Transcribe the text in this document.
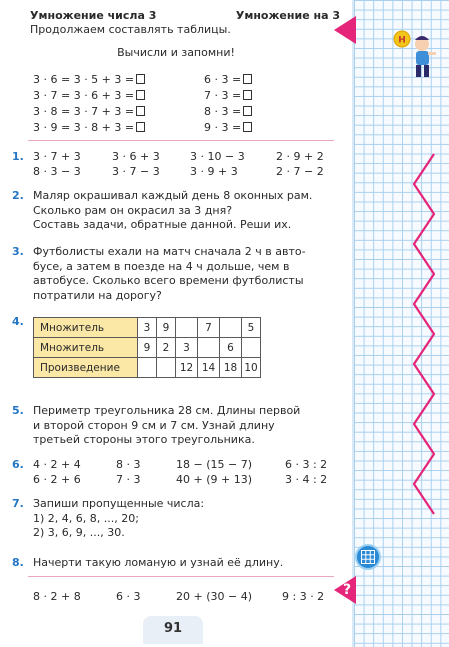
Н
Умножение числа 3	Умножение на 3
Продолжаем составлять таблицы.
Вычисли и запомни!
3 · 6 = 3 · 5 + 3 =
3 · 7 = 3 · 6 + 3 =
3 · 8 = 3 · 7 + 3 =
3 · 9 = 3 · 8 + 3 =
6 · 3 =
7 · 3 =
8 · 3 =
9 · 3 =
1. 3 · 7 + 3	3 · 6 + 3	3 · 10 − 3	2 · 9 + 2
8 · 3 − 3	3 · 7 − 3	3 · 9 + 3	2 · 7 − 2
2. Маляр окрашивал каждый день 8 оконных рам.
Сколько рам он окрасил за 3 дня?
Составь задачи, обратные данной. Реши их.
3. Футболисты ехали на матч сначала 2 ч в авто-
бусе, а затем в поезде на 4 ч дольше, чем в
автобусе. Сколько всего времени футболисты
потратили на дорогу?
4. Множитель	3	9		7		5
Множитель	9	2	3		6	
Произведение			12	14	18	10
5. Периметр треугольника 28 см. Длины первой
и второй сторон 9 см и 7 см. Узнай длину
третьей стороны этого треугольника.
6. 4 · 2 + 4	8 · 3	18 − (15 − 7)	6 · 3 : 2
6 · 2 + 6	7 · 3	40 + (9 + 13)	3 · 4 : 2
7. Запиши пропущенные числа:
1) 2, 4, 6, 8, ..., 20;
2) 3, 6, 9, ..., 30.
8. Начерти такую ломаную и узнай её длину.
8 · 2 + 8	6 · 3	20 + (30 − 4)	9 : 3 · 2
91
?
